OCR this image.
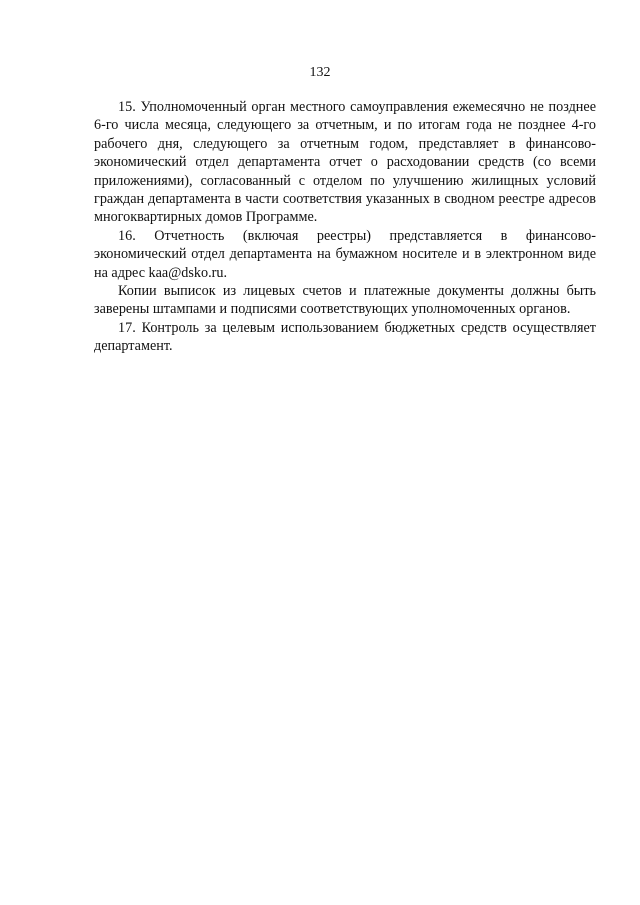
132

15. Уполномоченный орган местного самоуправления ежемесячно не позднее 6-го числа месяца, следующего за отчетным, и по итогам года не позднее 4-го рабочего дня, следующего за отчетным годом, представляет в финансово-экономический отдел департамента отчет о расходовании средств (со всеми приложениями), согласованный с отделом по улучшению жилищных условий граждан департамента в части соответствия указанных в сводном реестре адресов многоквартирных домов Программе.

16. Отчетность (включая реестры) представляется в финансово-экономический отдел департамента на бумажном носителе и в электронном виде на адрес kaa@dsko.ru.

Копии выписок из лицевых счетов и платежные документы должны быть заверены штампами и подписями соответствующих уполномоченных органов.

17. Контроль за целевым использованием бюджетных средств осуществляет департамент.
